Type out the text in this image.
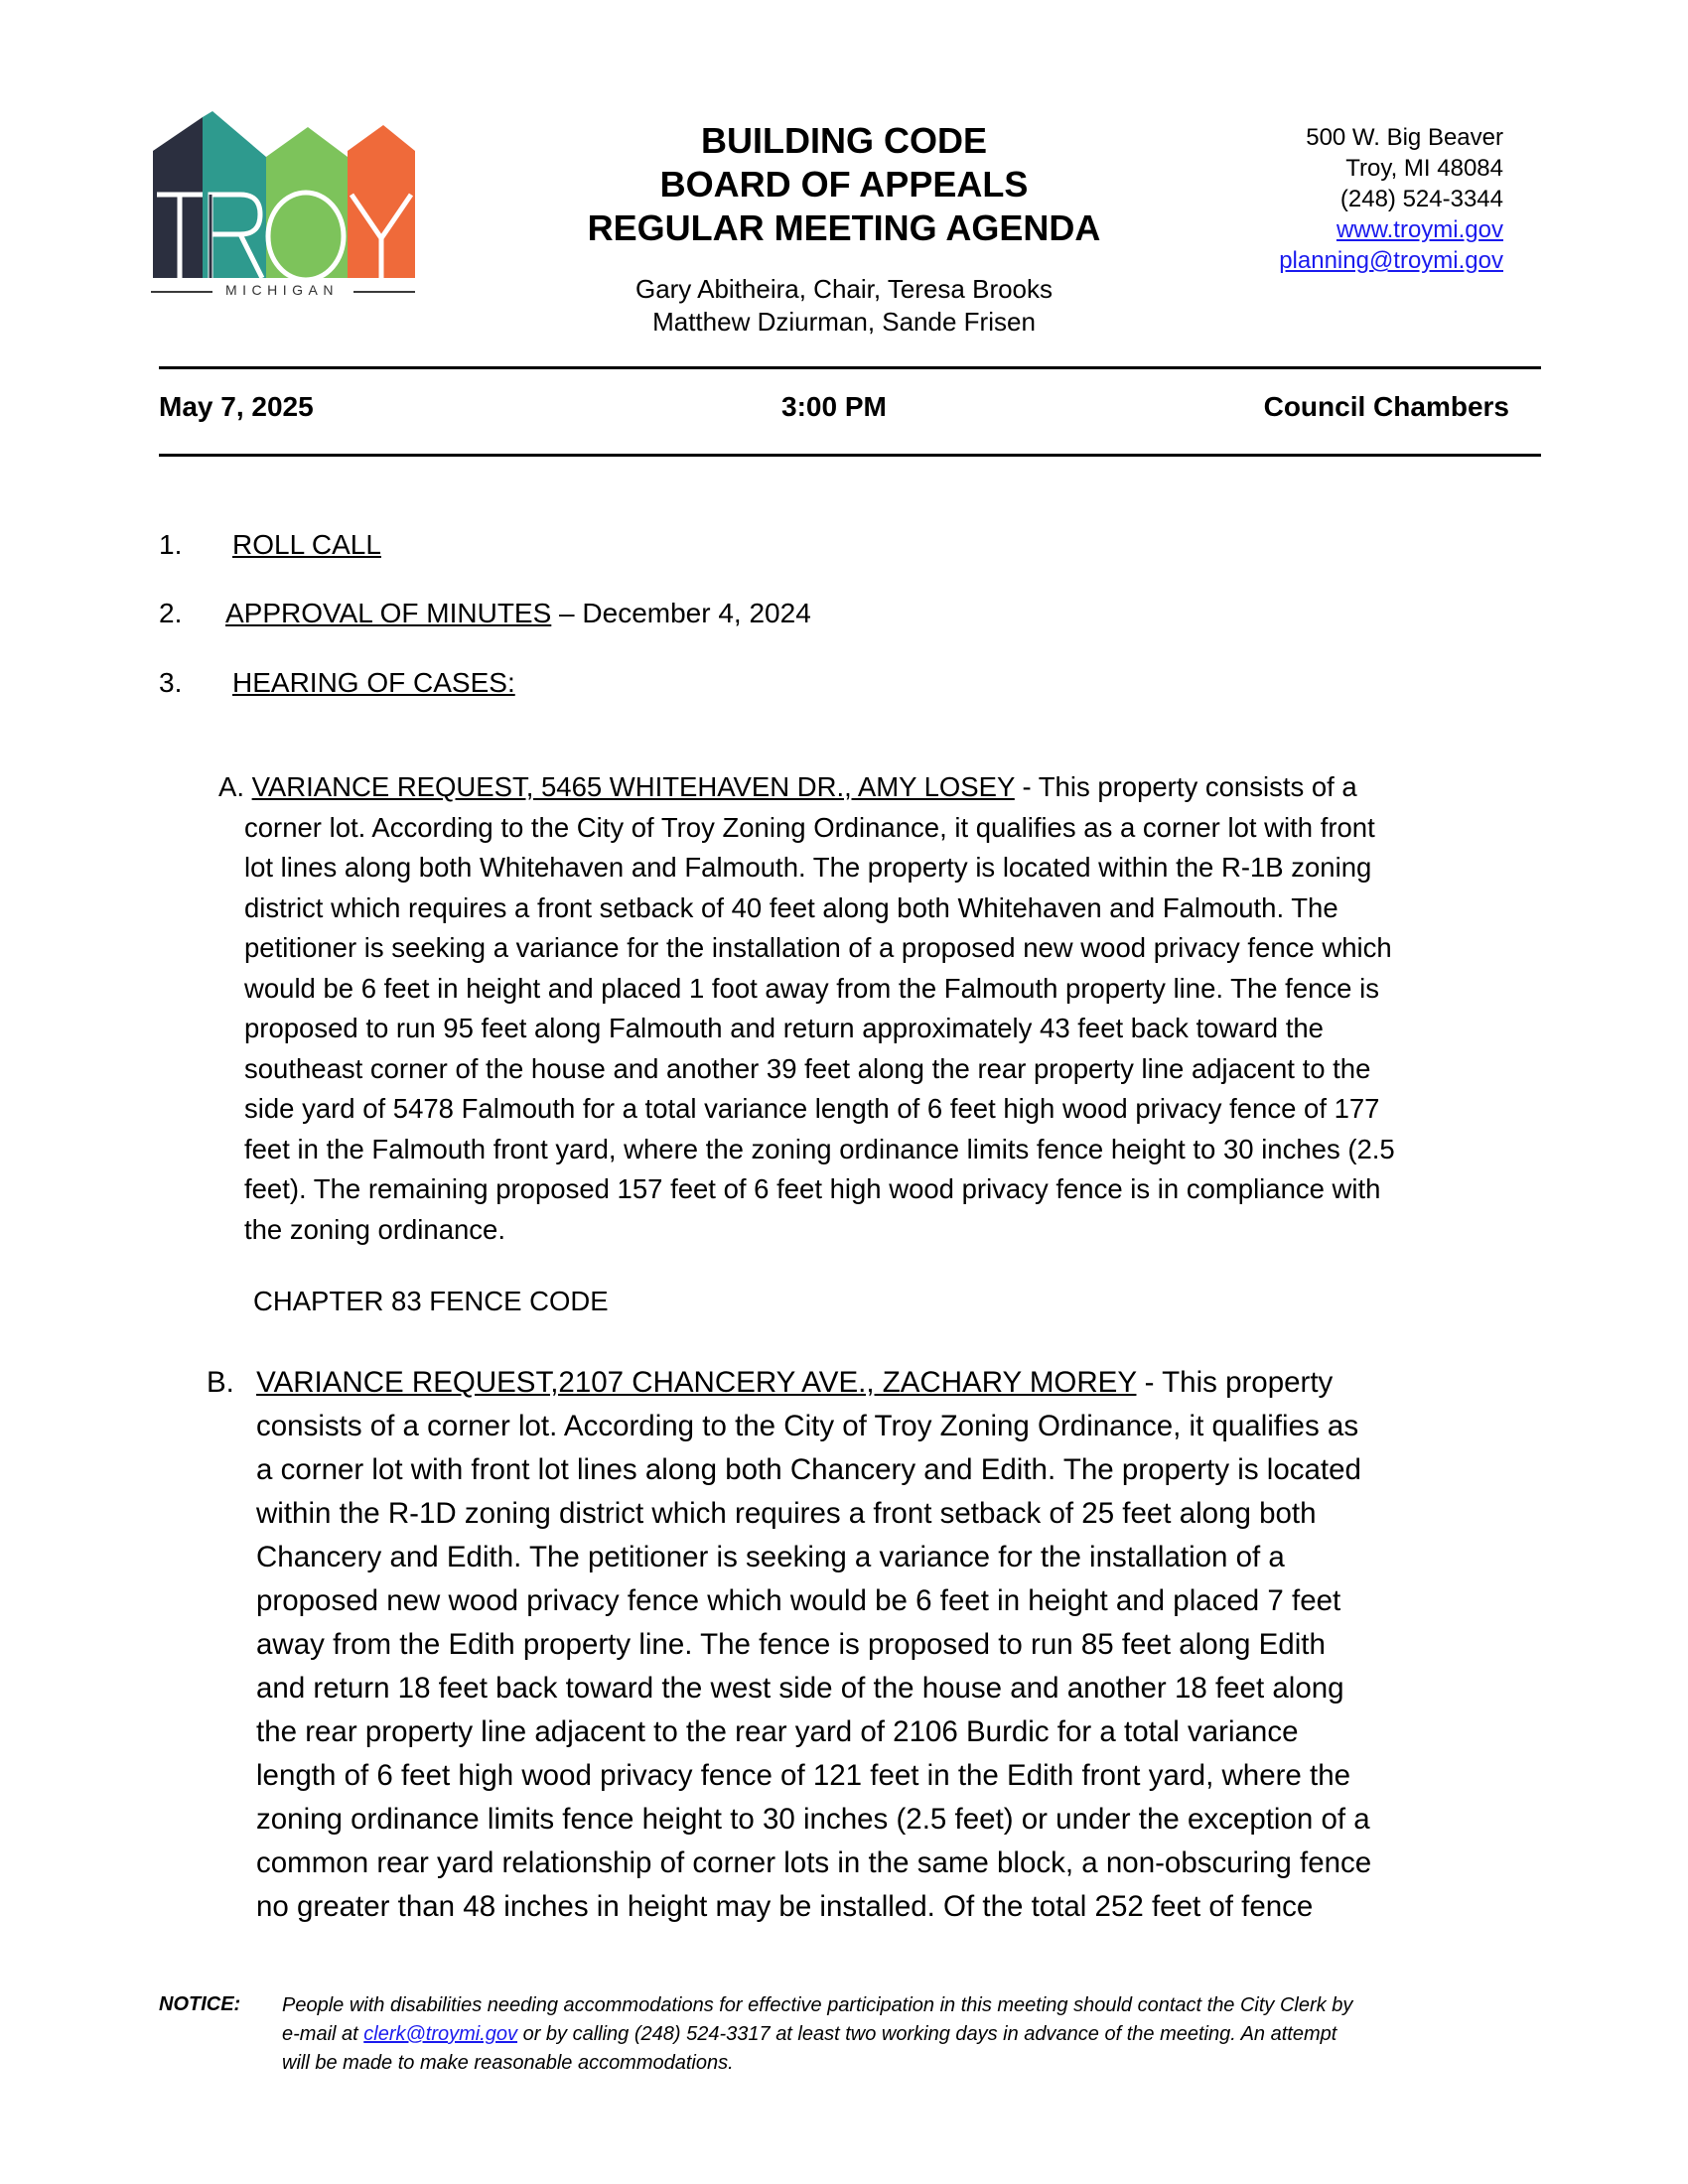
MICHIGAN
BUILDING CODE
BOARD OF APPEALS
REGULAR MEETING AGENDA
Gary Abitheira, Chair, Teresa Brooks
Matthew Dziurman, Sande Frisen
500 W. Big Beaver
Troy, MI 48084
(248) 524-3344
www.troymi.gov
planning@troymi.gov
May 7, 2025	3:00 PM	Council Chambers
1. ROLL CALL
2. APPROVAL OF MINUTES – December 4, 2024
3. HEARING OF CASES:
A. VARIANCE REQUEST, 5465 WHITEHAVEN DR., AMY LOSEY - This property consists of a
corner lot. According to the City of Troy Zoning Ordinance, it qualifies as a corner lot with front
lot lines along both Whitehaven and Falmouth. The property is located within the R-1B zoning
district which requires a front setback of 40 feet along both Whitehaven and Falmouth. The
petitioner is seeking a variance for the installation of a proposed new wood privacy fence which
would be 6 feet in height and placed 1 foot away from the Falmouth property line. The fence is
proposed to run 95 feet along Falmouth and return approximately 43 feet back toward the
southeast corner of the house and another 39 feet along the rear property line adjacent to the
side yard of 5478 Falmouth for a total variance length of 6 feet high wood privacy fence of 177
feet in the Falmouth front yard, where the zoning ordinance limits fence height to 30 inches (2.5
feet). The remaining proposed 157 feet of 6 feet high wood privacy fence is in compliance with
the zoning ordinance.
CHAPTER 83 FENCE CODE
B. VARIANCE REQUEST,2107 CHANCERY AVE., ZACHARY MOREY - This property
consists of a corner lot. According to the City of Troy Zoning Ordinance, it qualifies as
a corner lot with front lot lines along both Chancery and Edith. The property is located
within the R-1D zoning district which requires a front setback of 25 feet along both
Chancery and Edith. The petitioner is seeking a variance for the installation of a
proposed new wood privacy fence which would be 6 feet in height and placed 7 feet
away from the Edith property line. The fence is proposed to run 85 feet along Edith
and return 18 feet back toward the west side of the house and another 18 feet along
the rear property line adjacent to the rear yard of 2106 Burdic for a total variance
length of 6 feet high wood privacy fence of 121 feet in the Edith front yard, where the
zoning ordinance limits fence height to 30 inches (2.5 feet) or under the exception of a
common rear yard relationship of corner lots in the same block, a non-obscuring fence
no greater than 48 inches in height may be installed. Of the total 252 feet of fence
NOTICE: People with disabilities needing accommodations for effective participation in this meeting should contact the City Clerk by
e-mail at clerk@troymi.gov or by calling (248) 524-3317 at least two working days in advance of the meeting. An attempt
will be made to make reasonable accommodations.
